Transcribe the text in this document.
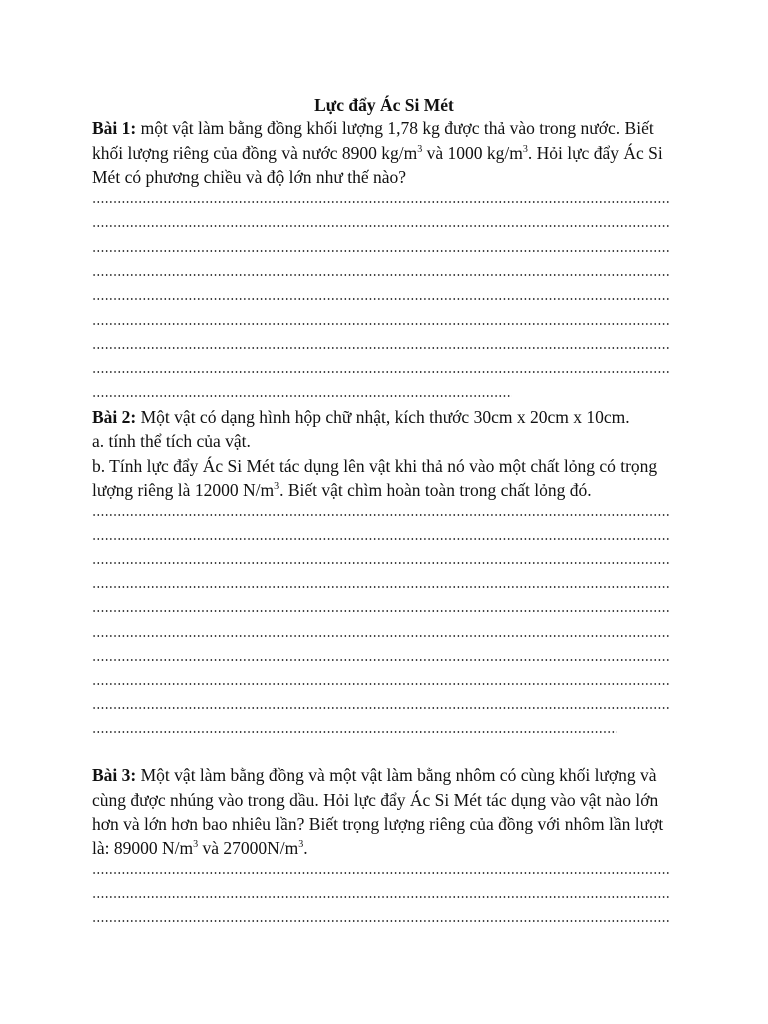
Lực đẩy Ác Si Mét
Bài 1: một vật làm bằng đồng khối lượng 1,78 kg được thả vào trong nước. Biết
khối lượng riêng của đồng và nước 8900 $kg/m^3$ và 1000 $kg/m^3$. Hỏi lực đẩy Ác Si
Mét có phương chiều và độ lớn như thế nào?
Bài 2: Một vật có dạng hình hộp chữ nhật, kích thước 30cm x 20cm x 10cm.
a. tính thể tích của vật.
b. Tính lực đẩy Ác Si Mét tác dụng lên vật khi thả nó vào một chất lỏng có trọng
lượng riêng là 12000 $N/m^3$. Biết vật chìm hoàn toàn trong chất lỏng đó.
Bài 3: Một vật làm bằng đồng và một vật làm bằng nhôm có cùng khối lượng và
cùng được nhúng vào trong dầu. Hỏi lực đẩy Ác Si Mét tác dụng vào vật nào lớn
hơn và lớn hơn bao nhiêu lần? Biết trọng lượng riêng của đồng với nhôm lần lượt
là: 89000 $N/m^3$ và $27000N/m^3$.
